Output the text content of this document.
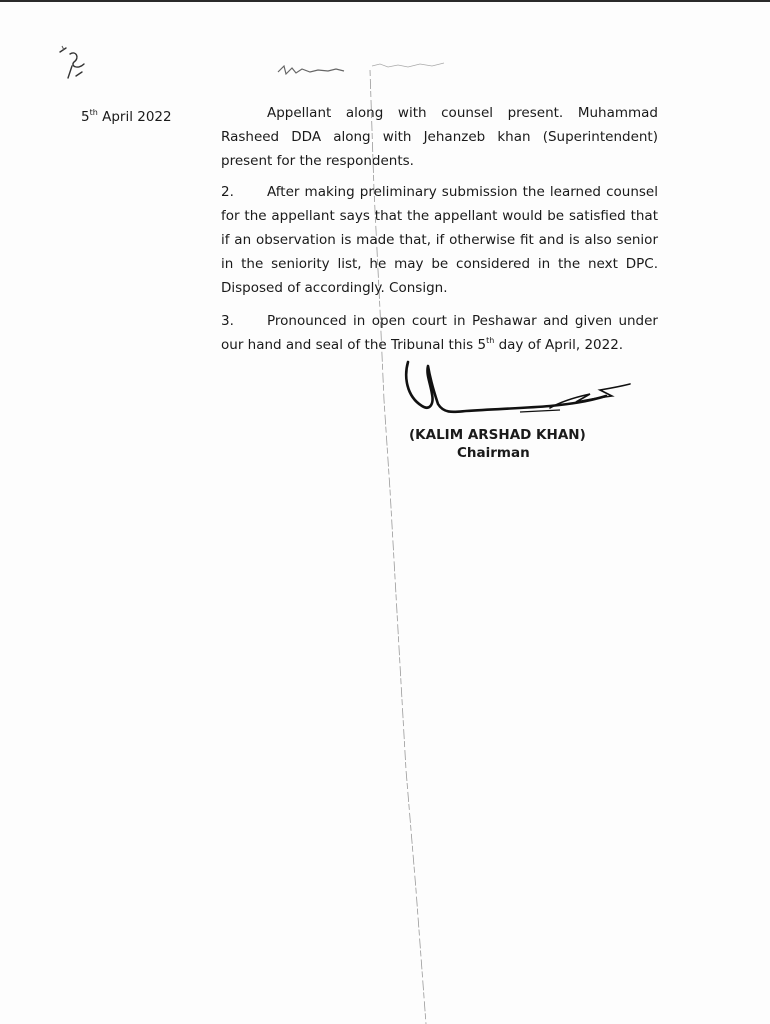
5th April 2022	Appellant along with counsel present. Muhammad Rasheed DDA along with Jehanzeb khan (Superintendent) present for the respondents.

2. After making preliminary submission the learned counsel for the appellant says that the appellant would be satisfied that if an observation is made that, if otherwise fit and is also senior in the seniority list, he may be considered in the next DPC. Disposed of accordingly. Consign.

3. Pronounced in open court in Peshawar and given under our hand and seal of the Tribunal this 5th day of April, 2022.

(KALIM ARSHAD KHAN)
Chairman
